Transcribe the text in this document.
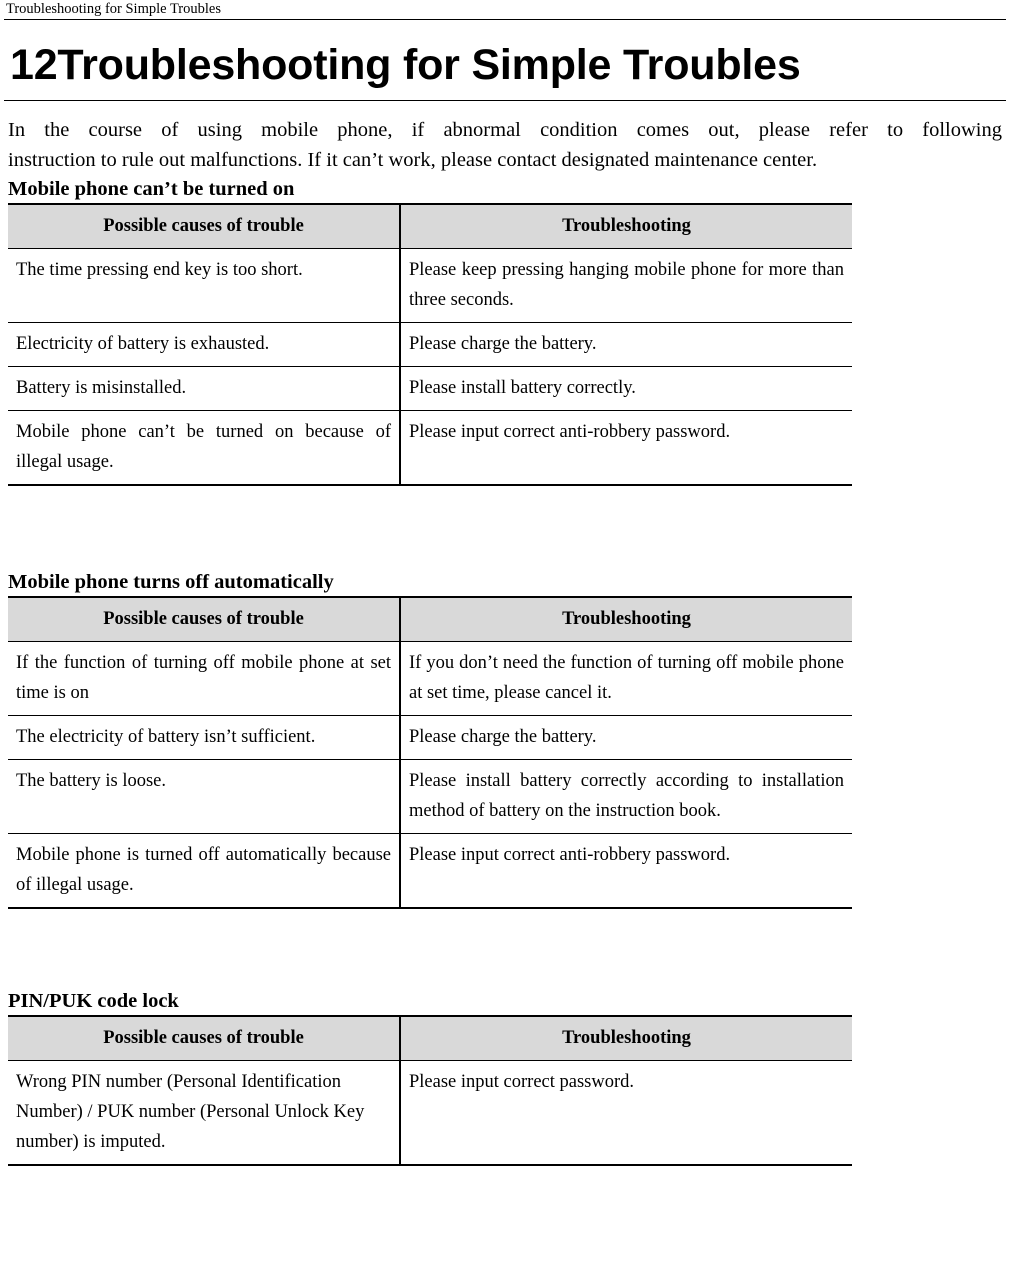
Troubleshooting for Simple Troubles
12Troubleshooting for Simple Troubles
In the course of using mobile phone, if abnormal condition comes out, please refer to following
instruction to rule out malfunctions. If it can’t work, please contact designated maintenance center.
Mobile phone can’t be turned on
Possible causes of trouble	Troubleshooting
The time pressing end key is too short.	Please keep pressing hanging mobile phone for more than three seconds.
Electricity of battery is exhausted.	Please charge the battery.
Battery is misinstalled.	Please install battery correctly.
Mobile phone can’t be turned on because of illegal usage.	Please input correct anti-robbery password.
Mobile phone turns off automatically
Possible causes of trouble	Troubleshooting
If the function of turning off mobile phone at set time is on	If you don’t need the function of turning off mobile phone at set time, please cancel it.
The electricity of battery isn’t sufficient.	Please charge the battery.
The battery is loose.	Please install battery correctly according to installation method of battery on the instruction book.
Mobile phone is turned off automatically because of illegal usage.	Please input correct anti-robbery password.
PIN/PUK code lock
Possible causes of trouble	Troubleshooting
Wrong PIN number (Personal Identification Number) / PUK number (Personal Unlock Key number) is imputed.	Please input correct password.
